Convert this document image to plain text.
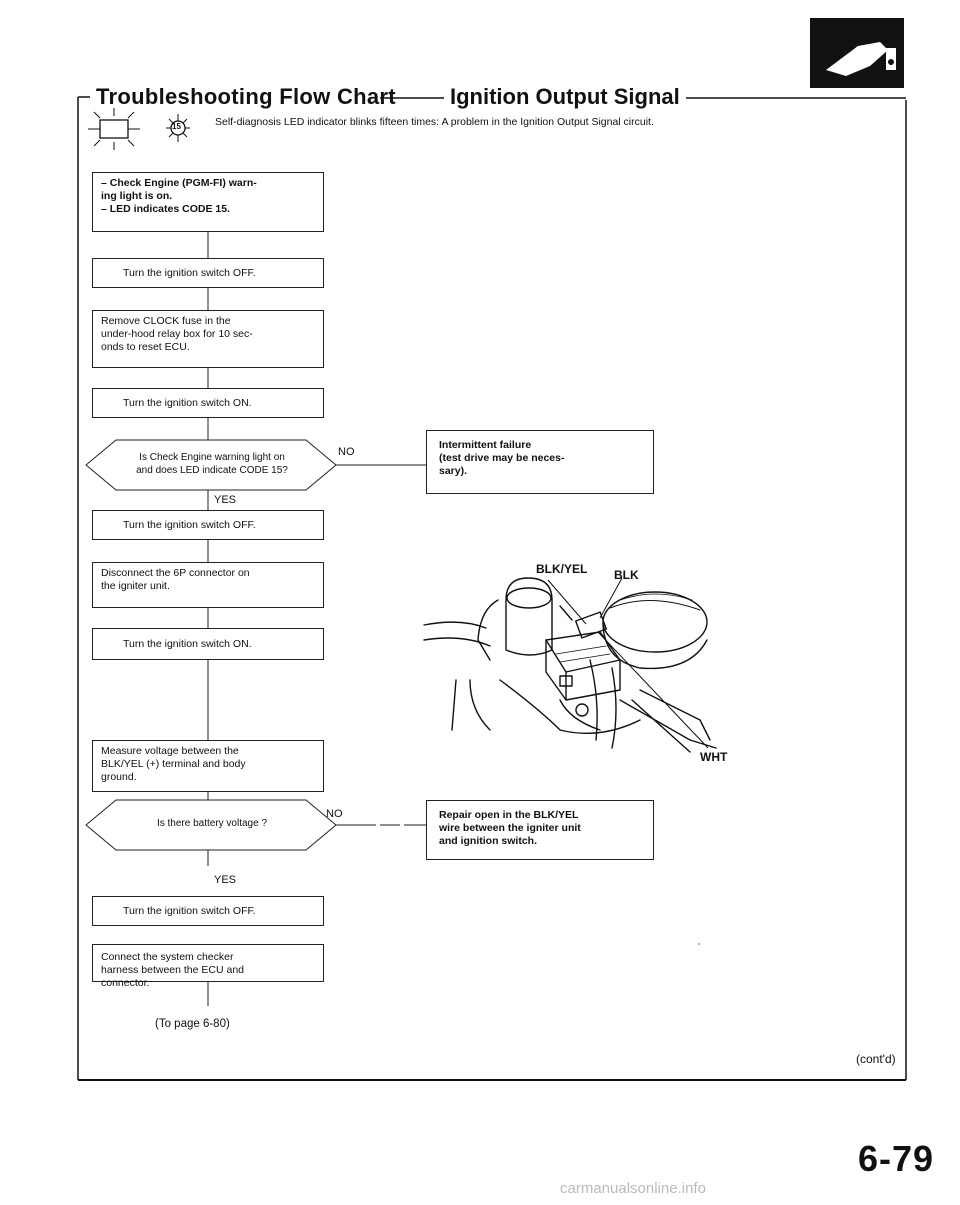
Troubleshooting Flow Chart Ignition Output Signal
15	Self-diagnosis LED indicator blinks fifteen times: A problem in the Ignition Output Signal circuit.
– Check Engine (PGM-FI) warn-
ing light is on.
– LED indicates CODE 15.
Turn the ignition switch OFF.
Remove CLOCK fuse in the
under-hood relay box for 10 sec-
onds to reset ECU.
Turn the ignition switch ON.
Is Check Engine warning light on
and does LED indicate CODE 15?
NO
YES
Intermittent failure
(test drive may be neces-
sary).
Turn the ignition switch OFF.
Disconnect the 6P connector on
the igniter unit.
Turn the ignition switch ON.
Measure voltage between the
BLK/YEL (+) terminal and body
ground.
Is there battery voltage ?
NO
YES
Repair open in the BLK/YEL
wire between the igniter unit
and ignition switch.
Turn the ignition switch OFF.
Connect the system checker
harness between the ECU and
connector.
(To page 6-80)
BLK/YEL BLK
WHT
(cont'd)
6-79
carmanualsonline.info
